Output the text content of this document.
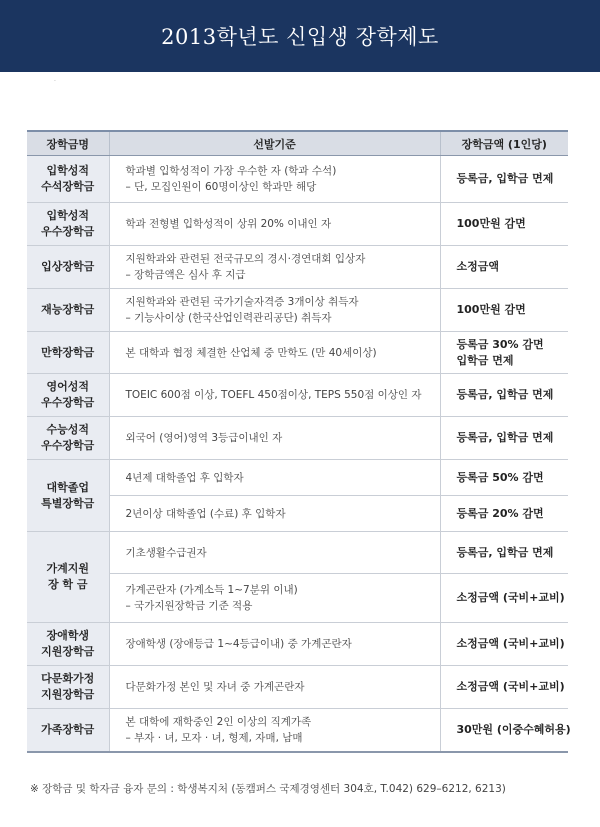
2013학년도 신입생 장학제도
.
장학금명	선발기준	장학금액 (1인당)

입학성적
수석장학금	학과별 입학성적이 가장 우수한 자 (학과 수석)
– 단, 모집인원이 60명이상인 학과만 해당	등록금, 입학금 면제

입학성적
우수장학금	학과 전형별 입학성적이 상위 20% 이내인 자	100만원 감면

입상장학금	지원학과와 관련된 전국규모의 경시·경연대회 입상자
– 장학금액은 심사 후 지급	소정금액

재능장학금	지원학과와 관련된 국가기술자격증 3개이상 취득자
– 기능사이상 (한국산업인력관리공단) 취득자	100만원 감면

만학장학금	본 대학과 협정 체결한 산업체 중 만학도 (만 40세이상)	등록금 30% 감면
입학금 면제

영어성적
우수장학금	TOEIC 600점 이상, TOEFL 450점이상, TEPS 550점 이상인 자	등록금, 입학금 면제

수능성적
우수장학금	외국어 (영어)영역 3등급이내인 자	등록금, 입학금 면제

대학졸업
특별장학금	4년제 대학졸업 후 입학자	등록금 50% 감면

	2년이상 대학졸업 (수료) 후 입학자	등록금 20% 감면

가계지원
장 학 금	기초생활수급권자	등록금, 입학금 면제

	가계곤란자 (가계소득 1~7분위 이내)
– 국가지원장학금 기준 적용	소정금액 (국비+교비)

장애학생
지원장학금	장애학생 (장애등급 1~4등급이내) 중 가계곤란자	소정금액 (국비+교비)

다문화가정
지원장학금	다문화가정 본인 및 자녀 중 가계곤란자	소정금액 (국비+교비)

가족장학금	본 대학에 재학중인 2인 이상의 직계가족
– 부자 · 녀, 모자 · 녀, 형제, 자매, 남매	30만원 (이중수혜허용)
※ 장학금 및 학자금 융자 문의 : 학생복지처 (동캠퍼스 국제경영센터 304호, T.042) 629–6212, 6213)
